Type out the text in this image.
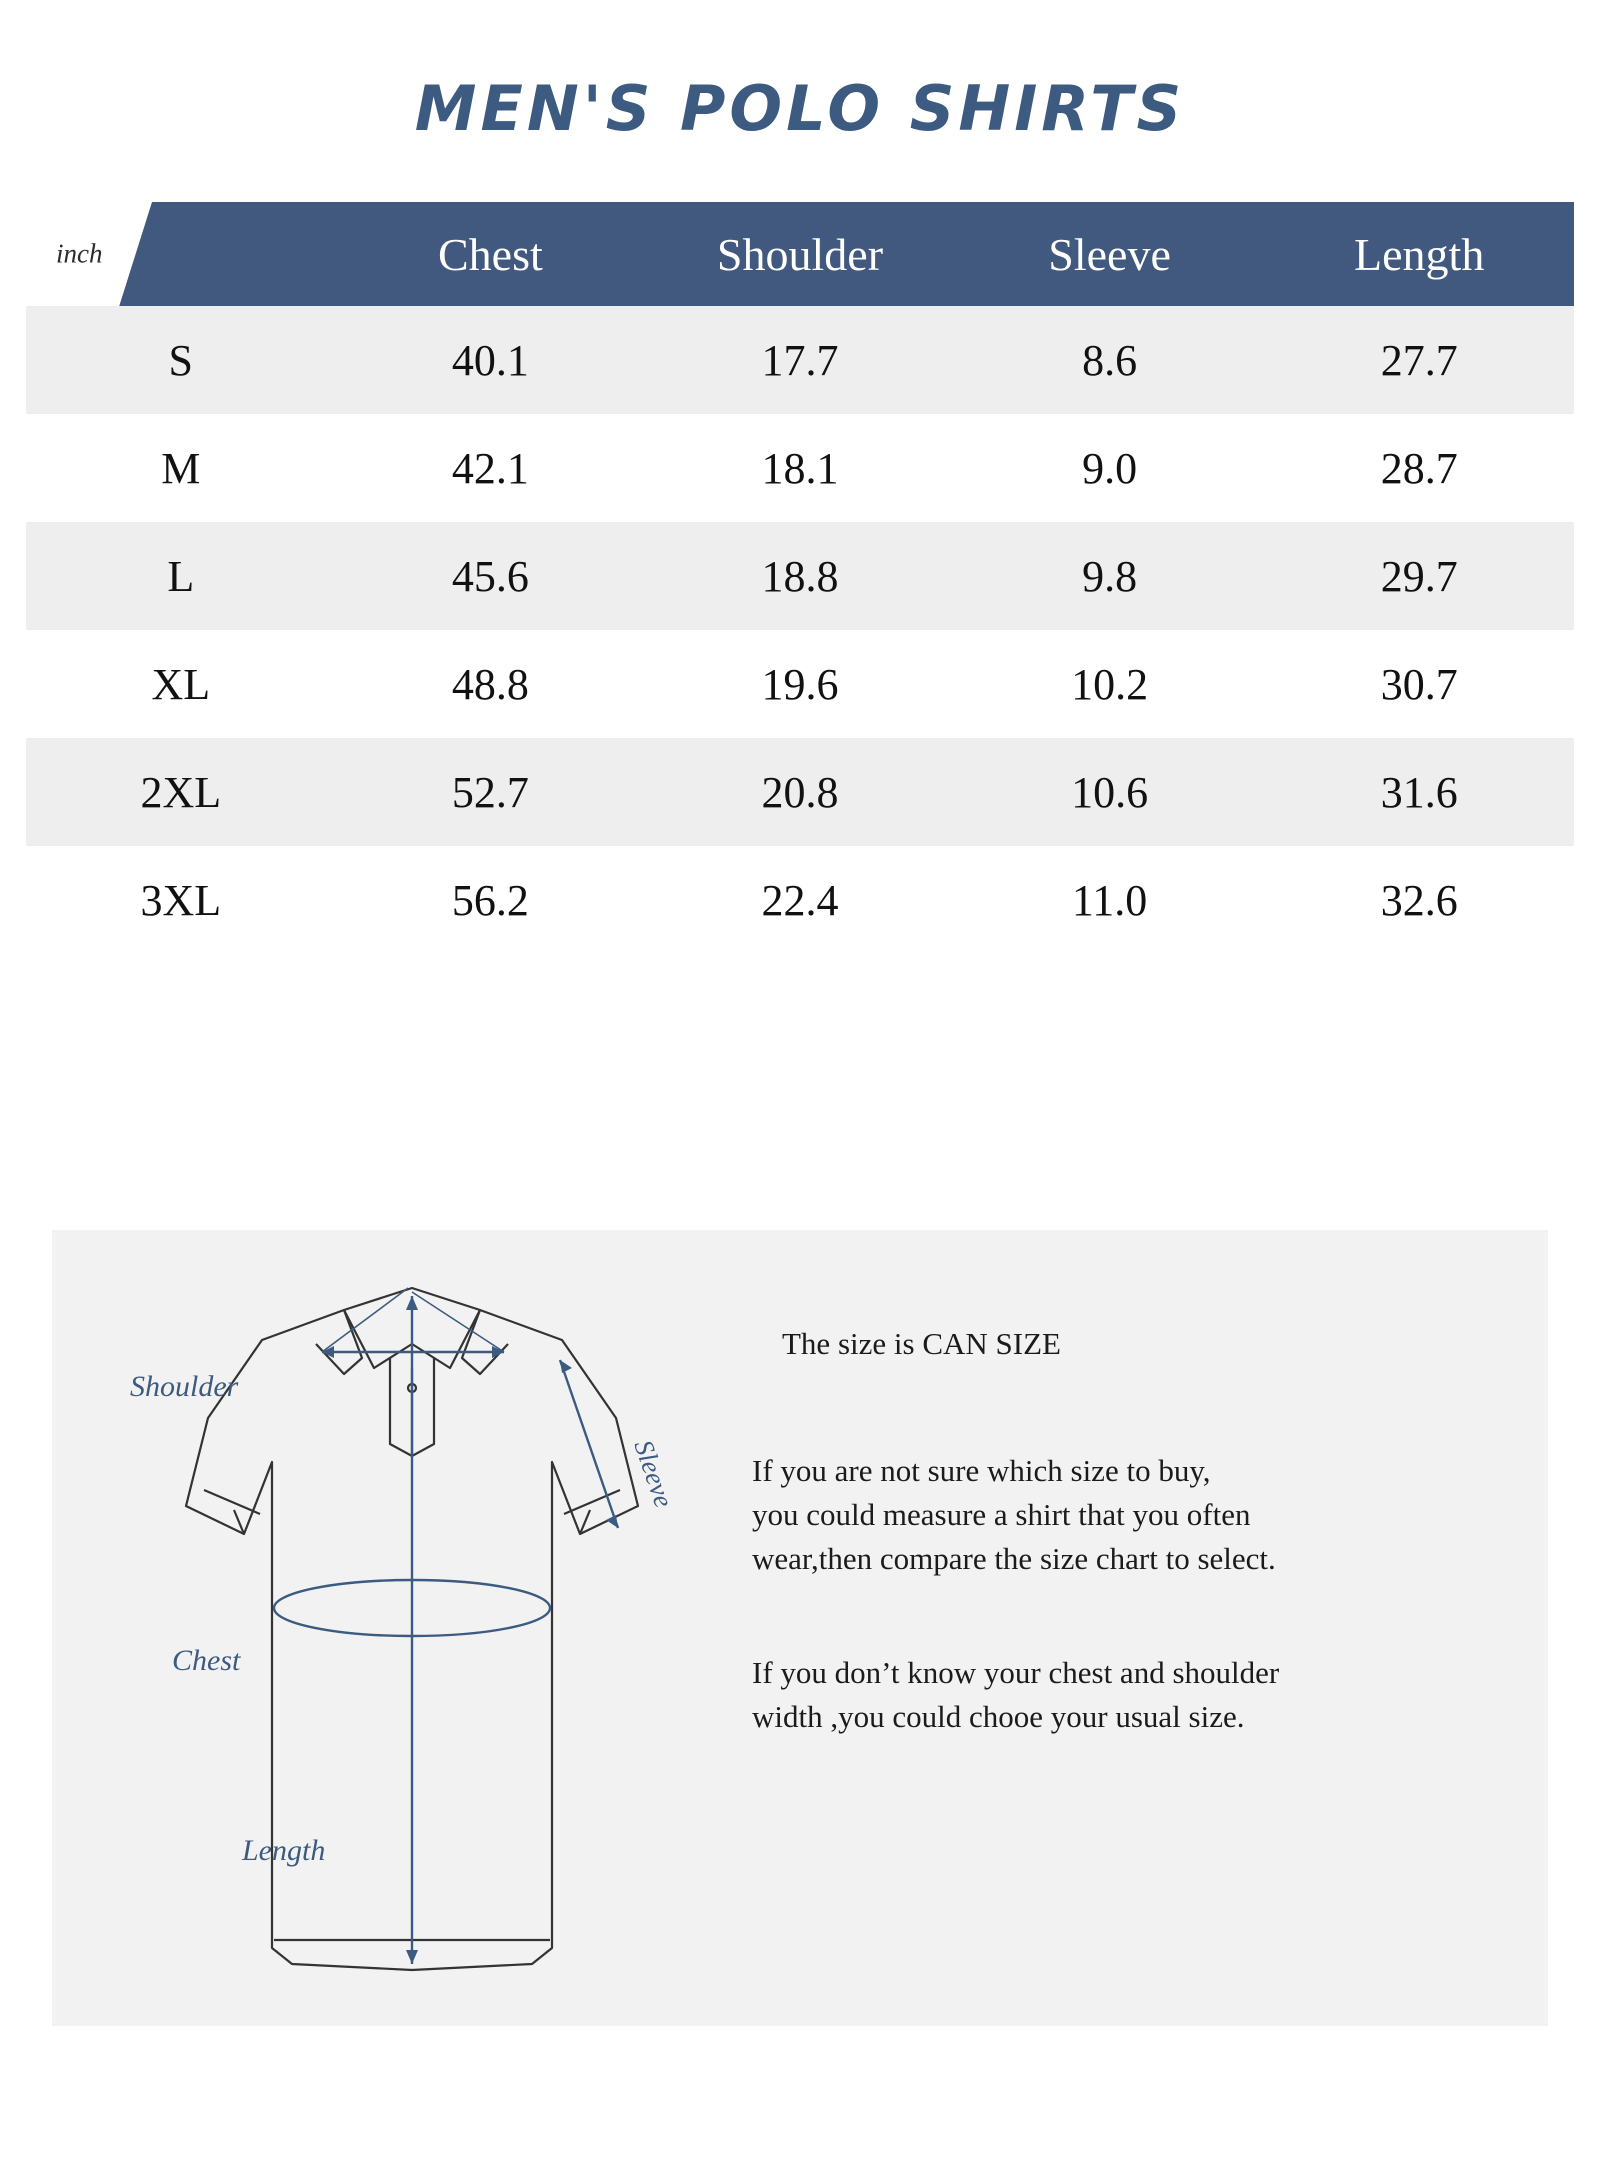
MEN'S POLO SHIRTS
inch	Chest	Shoulder	Sleeve	Length
S	40.1	17.7	8.6	27.7
M	42.1	18.1	9.0	28.7
L	45.6	18.8	9.8	29.7
XL	48.8	19.6	10.2	30.7
2XL	52.7	20.8	10.6	31.6
3XL	56.2	22.4	11.0	32.6
Shoulder
Chest
Length
Sleeve

The size is CAN SIZE

If you are not sure which size to buy,
you could measure a shirt that you often
wear,then compare the size chart to select.

If you don’t know your chest and shoulder
width ,you could chooe your usual size.
